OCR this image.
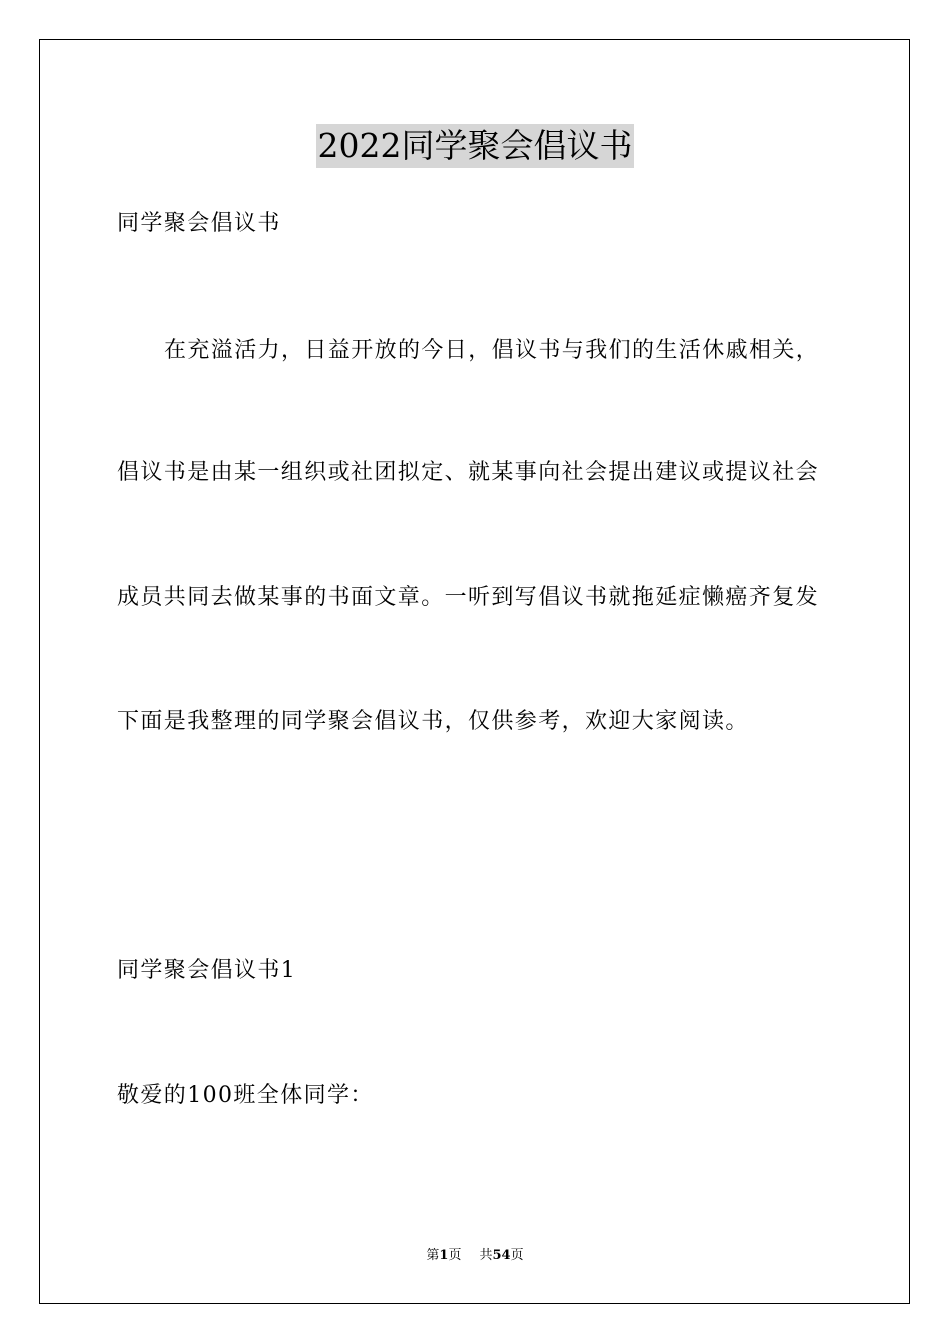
2022同学聚会倡议书
同学聚会倡议书
在充溢活力，日益开放的今日，倡议书与我们的生活休戚相关，
倡议书是由某一组织或社团拟定、就某事向社会提出建议或提议社会
成员共同去做某事的书面文章。一听到写倡议书就拖延症懒癌齐复发
下面是我整理的同学聚会倡议书，仅供参考，欢迎大家阅读。
同学聚会倡议书1
敬爱的100班全体同学：
第1页 共54页
